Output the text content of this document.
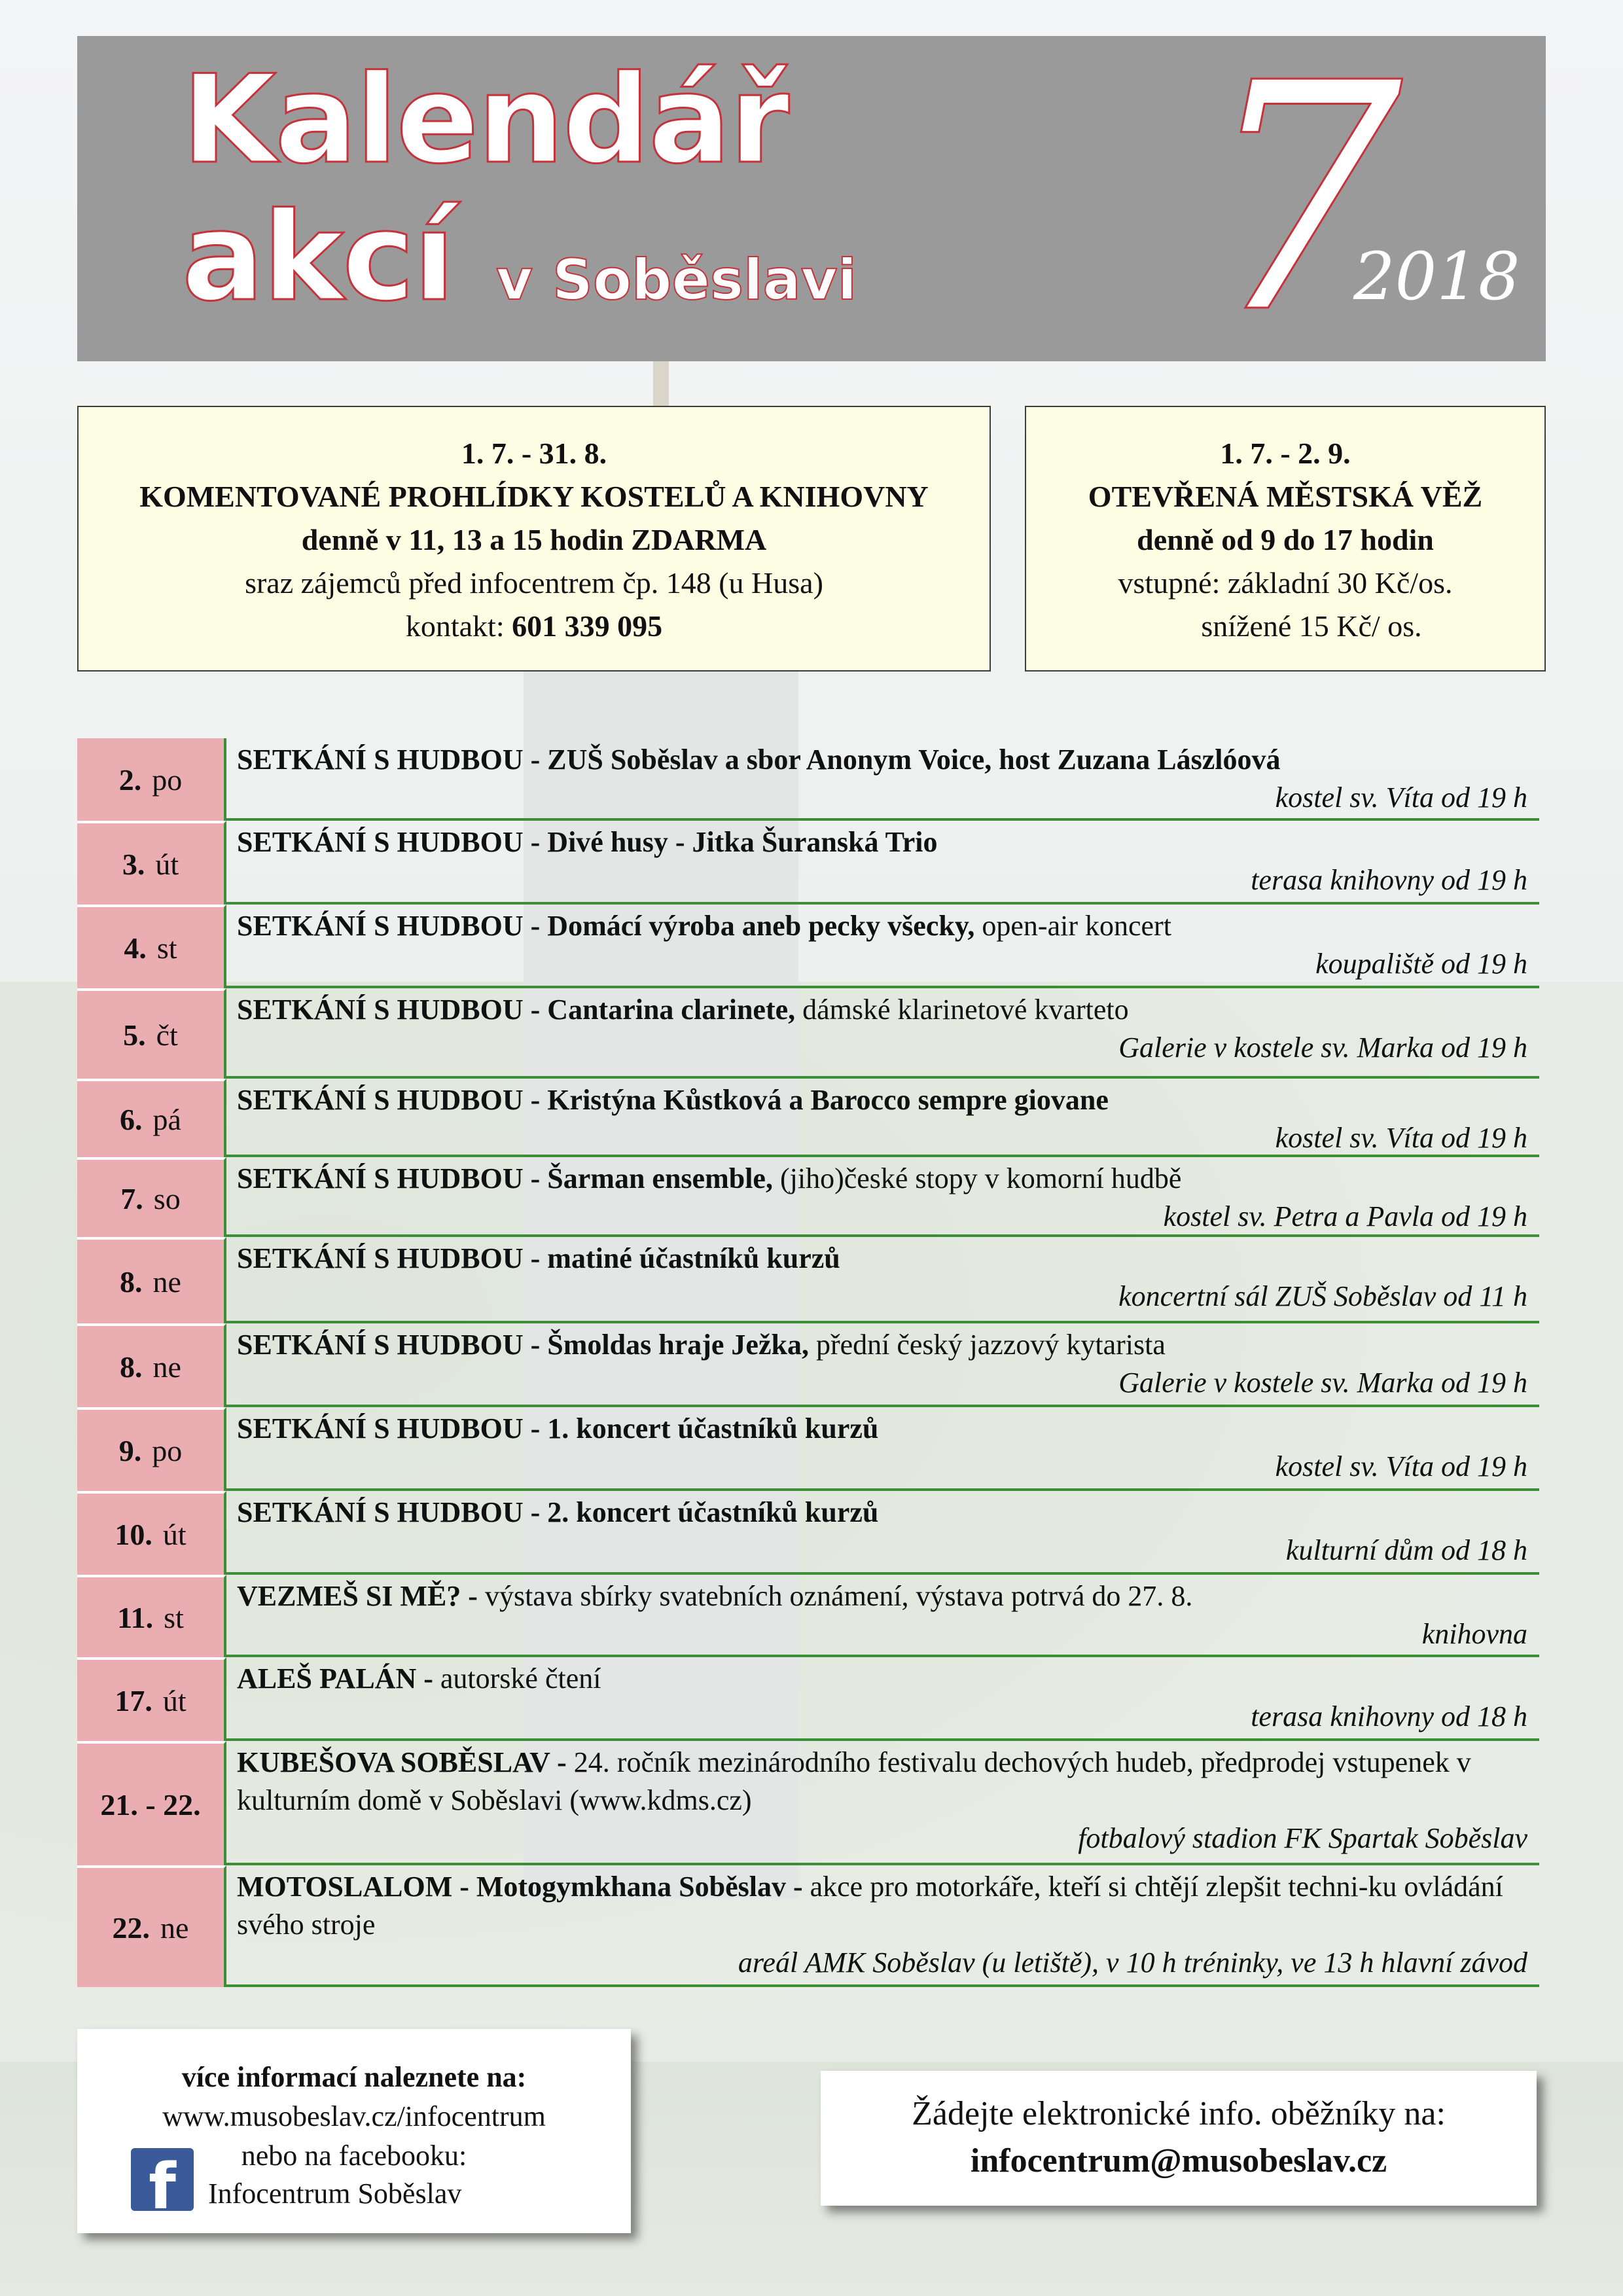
Kalendář
akcí v Soběslavi 7
2018
1. 7. - 31. 8.
KOMENTOVANÉ PROHLÍDKY KOSTELŮ A KNIHOVNY
denně v 11, 13 a 15 hodin ZDARMA
sraz zájemců před infocentrem čp. 148 (u Husa)
kontakt: 601 339 095
1. 7. - 2. 9.
OTEVŘENÁ MĚSTSKÁ VĚŽ
denně od 9 do 17 hodin
vstupné: základní 30 Kč/os.
snížené 15 Kč/ os.
2. po
SETKÁNÍ S HUDBOU - ZUŠ Soběslav a sbor Anonym Voice, host Zuzana Lászlóová
kostel sv. Víta od 19 h
3. út
SETKÁNÍ S HUDBOU - Divé husy - Jitka Šuranská Trio
terasa knihovny od 19 h
4. st
SETKÁNÍ S HUDBOU - Domácí výroba aneb pecky všecky, open-air koncert
koupaliště od 19 h
5. čt
SETKÁNÍ S HUDBOU - Cantarina clarinete, dámské klarinetové kvarteto
Galerie v kostele sv. Marka od 19 h
6. pá
SETKÁNÍ S HUDBOU - Kristýna Kůstková a Barocco sempre giovane
kostel sv. Víta od 19 h
7. so
SETKÁNÍ S HUDBOU - Šarman ensemble, (jiho)české stopy v komorní hudbě
kostel sv. Petra a Pavla od 19 h
8. ne
SETKÁNÍ S HUDBOU - matiné účastníků kurzů
koncertní sál ZUŠ Soběslav od 11 h
8. ne
SETKÁNÍ S HUDBOU - Šmoldas hraje Ježka, přední český jazzový kytarista
Galerie v kostele sv. Marka od 19 h
9. po
SETKÁNÍ S HUDBOU - 1. koncert účastníků kurzů
kostel sv. Víta od 19 h
10. út
SETKÁNÍ S HUDBOU - 2. koncert účastníků kurzů
kulturní dům od 18 h
11. st
VEZMEŠ SI MĚ? - výstava sbírky svatebních oznámení, výstava potrvá do 27. 8.
knihovna
17. út
ALEŠ PALÁN - autorské čtení
terasa knihovny od 18 h
21. - 22.
KUBEŠOVA SOBĚSLAV - 24. ročník mezinárodního festivalu dechových hudeb, předprodej vstupenek v kulturním domě v Soběslavi (www.kdms.cz)
fotbalový stadion FK Spartak Soběslav
22. ne
MOTOSLALOM - Motogymkhana Soběslav - akce pro motorkáře, kteří si chtějí zlepšit techni-ku ovládání svého stroje
areál AMK Soběslav (u letiště), v 10 h tréninky, ve 13 h hlavní závod
více informací naleznete na:
www.musobeslav.cz/infocentrum
nebo na facebooku:
f	Infocentrum Soběslav
Žádejte elektronické info. oběžníky na:
infocentrum@musobeslav.cz
